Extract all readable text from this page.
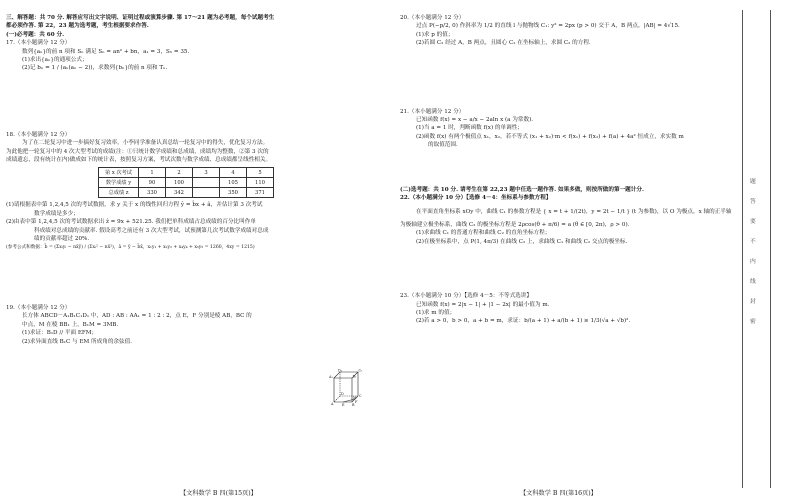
三、解答题：共 70 分. 解答应写出文字说明、证明过程或演算步骤. 第 17～21 题为必考题，每个试题考生

都必须作答. 第 22，23 题为选考题，考生根据要求作答.

(一)必考题：共 60 分.

17.（本小题满分 12 分）

数列{aₙ}的前 n 项和 Sₙ 满足 Sₙ = an² + bn，a₁ = 3，S₅ = 35.

(1)求出{aₙ}的通项公式；

(2)记 bₙ = 1 / (aₙ(aₙ − 2))，求数列{bₙ}的前 n 项和 Tₙ.

18.（本小题满分 12 分）

为了在二轮复习中进一步搞好复习效率，小李同学准备认真总结一轮复习中的得失，优化复习方法。

为此他把一轮复习中的 4 次大型考试的成绩(注：①只统计数学成绩和总成绩，成绩均为整数，②第 3 次的

成绩遗忘，段有统计在内)做成如下的统计表，按照复习方案，考试次数与数学成绩、总成绩都呈线性相关。

第 x 次考试	1	2	3	4	5
数学成绩 y	90	100		105	110
总成绩 z	330	342		350	371

(1)请根据表中第 1,2,4,5 次的考试数据，求 y 关于 x 的线性回归方程 ŷ = b̂x + â，并估计第 3 次考试

数学成绩是多少；

(2)由表中第 1,2,4,5 次的考试数据求出 ẑ = 9x + 521.25. 我们把单科成绩占总成绩的百分比叫作单

科成绩对总成绩的贡献率. 假设高考之前还有 3 次大型考试，试预测第几次考试数学成绩对总成

绩的贡献率超过 20%.

(参考公式和数据：b̂ = (Σxᵢyᵢ − nx̄ȳ) / (Σxᵢ² − nx̄²)，â = ȳ − b̂x̄，x₁y₁ + x₂y₂ + x₄y₄ + x₅y₅ = 1260，4xy = 1215)

19.（本小题满分 12 分）

长方体 ABCD－A₁B₁C₁D₁ 中，AD : AB : AA₁ = 1 : 2 : 2，点 E，F 分别是棱 AB，BC 的

中点，M 在棱 BB₁ 上，B₁M = 3MB.

(1)求证：B₁D // 平面 EFM；

(2)求异面直线 B₁C 与 EM 所成角的余弦值.

D₁	C₁
A₁	B₁
D	C
A	B
E
F
M

20.（本小题满分 12 分）

过点 P(−p/2, 0) 作斜率为 1/2 的直线 l 与抛物线 C₁: y² = 2px (p > 0) 交于 A，B 两点，|AB| = 4√15.

(1)求 p 的值；

(2)若圆 C₂ 经过 A，B 两点，且圆心 C₂ 在坐标轴上，求圆 C₂ 的方程.

21.（本小题满分 12 分）

已知函数 f(x) = x − a/x − 2aln x (a 为常数).

(1)当 a = 1 时，判断函数 f(x) 的单调性；

(2)函数 f(x) 有两个极值点 x₁，x₂，若不等式 (x₁ + x₂)·m < f(x₁) + f(x₂) + f(a) + 4a² 恒成立，求实数 m

的取值范围.

(二)选考题：共 10 分. 请考生在第 22,23 题中任选一题作答. 如果多做，则按所做的第一题计分.

22.（本小题满分 10 分）【选修 4－4：坐标系与参数方程】

在平面直角坐标系 xOy 中，曲线 C₁ 的参数方程是 { x = t + 1/(2t)，y = 2t − 1/t } (t 为参数)，以 O 为极点，x 轴的正半轴

为极轴建立极坐标系，曲线 C₂ 的极坐标方程是 2ρcos(θ + π/6) = a (θ ∈ [0, 2π)，ρ > 0).

(1)求曲线 C₁ 的普通方程和曲线 C₂ 的直角坐标方程；

(2)在极坐标系中，点 P(1, 4π/3) 在曲线 C₂ 上，求曲线 C₁ 和曲线 C₂ 交点的极坐标.

23.（本小题满分 10 分）【选修 4－5：不等式选讲】

已知函数 f(x) = 2|x − 1| + |1 − 2x| 的最小值为 m.

(1)求 m 的值；

(2)若 a > 0，b > 0，a + b = m，求证：b/(a + 1) + a/(b + 1) ≥ 1/3(√a + √b)².

【文科数学 B 四(第15页)】	【文科数学 B 四(第16页)】
题
答
要
不
内
线
封
密
